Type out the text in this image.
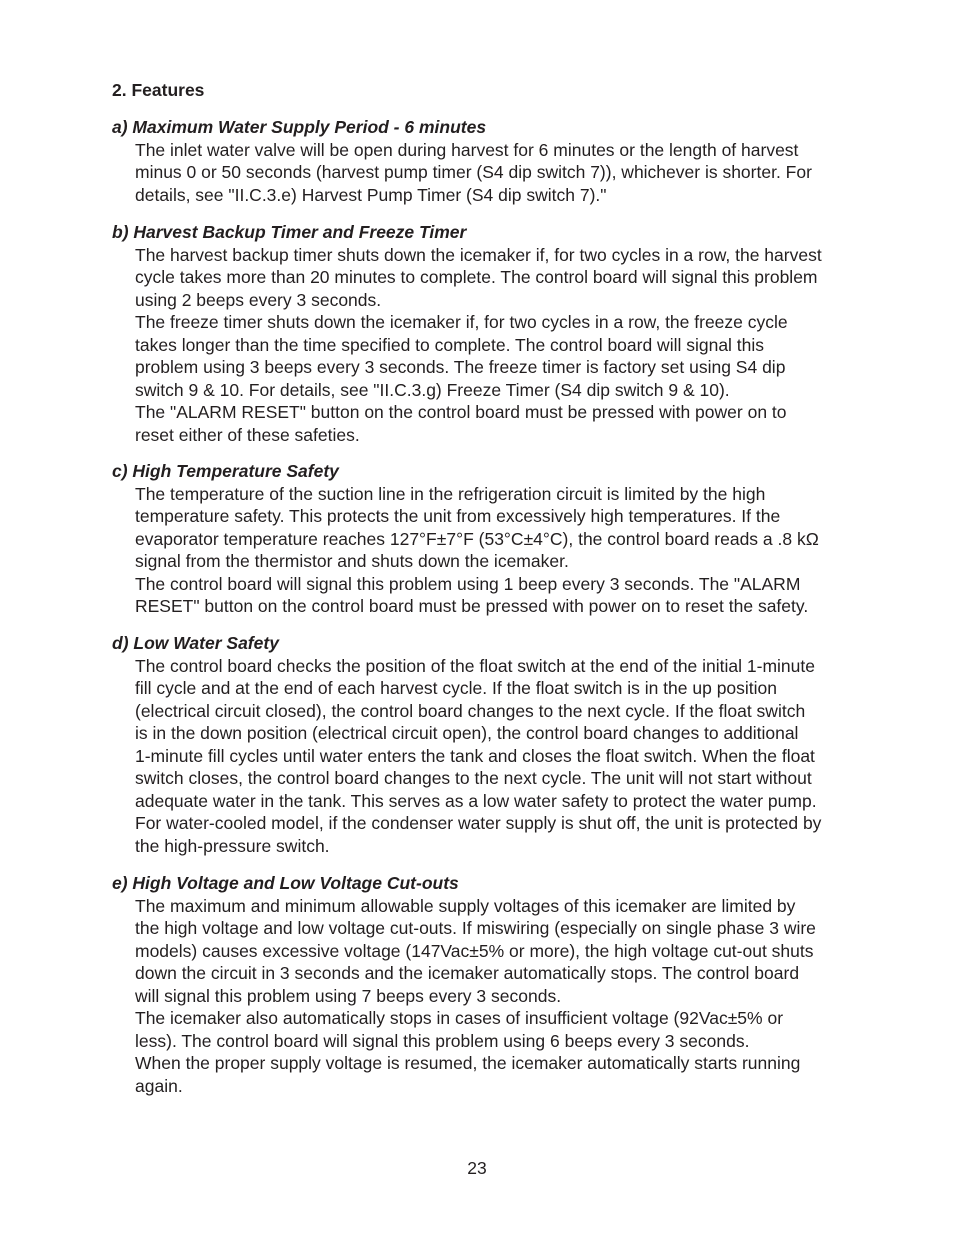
2. Features

a) Maximum Water Supply Period - 6 minutes

The inlet water valve will be open during harvest for 6 minutes or the length of harvest
minus 0 or 50 seconds (harvest pump timer (S4 dip switch 7)), whichever is shorter. For
details, see "II.C.3.e) Harvest Pump Timer (S4 dip switch 7)."

b) Harvest Backup Timer and Freeze Timer

The harvest backup timer shuts down the icemaker if, for two cycles in a row, the harvest
cycle takes more than 20 minutes to complete. The control board will signal this problem
using 2 beeps every 3 seconds.
The freeze timer shuts down the icemaker if, for two cycles in a row, the freeze cycle
takes longer than the time specified to complete. The control board will signal this
problem using 3 beeps every 3 seconds. The freeze timer is factory set using S4 dip
switch 9 & 10. For details, see "II.C.3.g) Freeze Timer (S4 dip switch 9 & 10).
The "ALARM RESET" button on the control board must be pressed with power on to
reset either of these safeties.

c) High Temperature Safety

The temperature of the suction line in the refrigeration circuit is limited by the high
temperature safety. This protects the unit from excessively high temperatures. If the
evaporator temperature reaches 127°F±7°F (53°C±4°C), the control board reads a .8 kΩ
signal from the thermistor and shuts down the icemaker.
The control board will signal this problem using 1 beep every 3 seconds. The "ALARM
RESET" button on the control board must be pressed with power on to reset the safety.

d) Low Water Safety

The control board checks the position of the float switch at the end of the initial 1-minute
fill cycle and at the end of each harvest cycle. If the float switch is in the up position
(electrical circuit closed), the control board changes to the next cycle. If the float switch
is in the down position (electrical circuit open), the control board changes to additional
1-minute fill cycles until water enters the tank and closes the float switch. When the float
switch closes, the control board changes to the next cycle. The unit will not start without
adequate water in the tank. This serves as a low water safety to protect the water pump.
For water-cooled model, if the condenser water supply is shut off, the unit is protected by
the high-pressure switch.

e) High Voltage and Low Voltage Cut-outs

The maximum and minimum allowable supply voltages of this icemaker are limited by
the high voltage and low voltage cut-outs. If miswiring (especially on single phase 3 wire
models) causes excessive voltage (147Vac±5% or more), the high voltage cut-out shuts
down the circuit in 3 seconds and the icemaker automatically stops. The control board
will signal this problem using 7 beeps every 3 seconds.
The icemaker also automatically stops in cases of insufficient voltage (92Vac±5% or
less). The control board will signal this problem using 6 beeps every 3 seconds.
When the proper supply voltage is resumed, the icemaker automatically starts running
again.

23
